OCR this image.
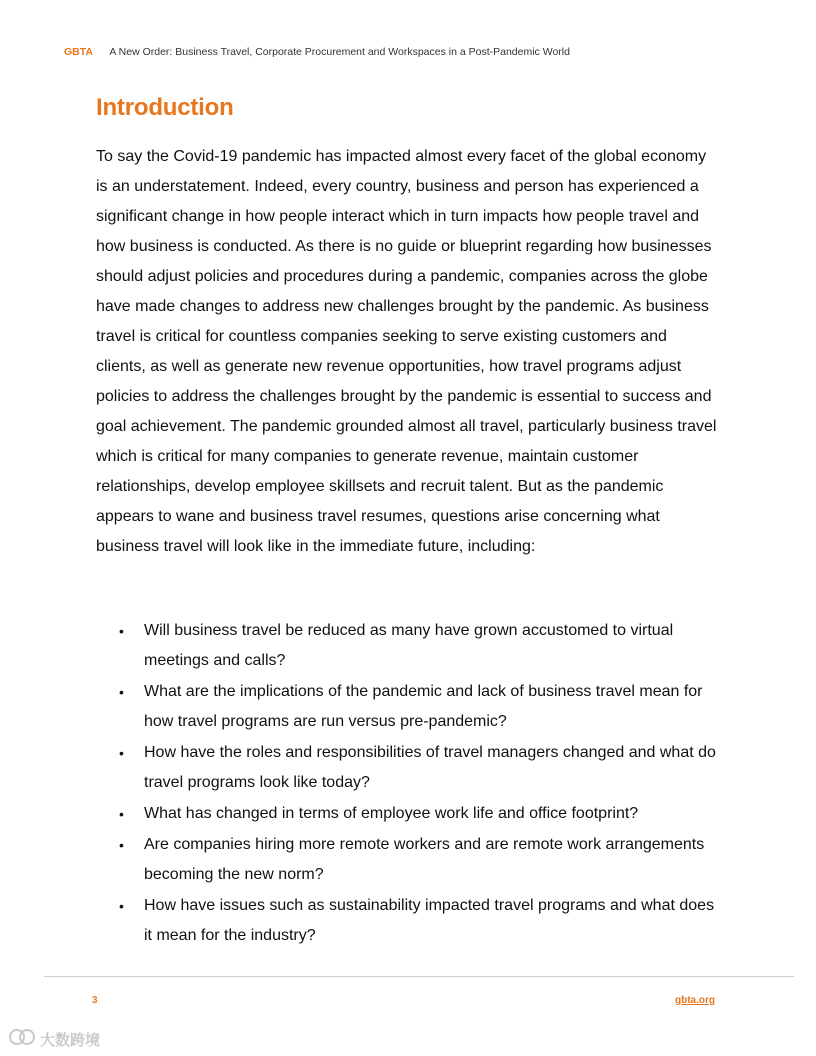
GBTA A New Order: Business Travel, Corporate Procurement and Workspaces in a Post-Pandemic World
Introduction

To say the Covid-19 pandemic has impacted almost every facet of the global economy is an understatement. Indeed, every country, business and person has experienced a significant change in how people interact which in turn impacts how people travel and how business is conducted. As there is no guide or blueprint regarding how businesses should adjust policies and procedures during a pandemic, companies across the globe have made changes to address new challenges brought by the pandemic. As business travel is critical for countless companies seeking to serve existing customers and clients, as well as generate new revenue opportunities, how travel programs adjust policies to address the challenges brought by the pandemic is essential to success and goal achievement. The pandemic grounded almost all travel, particularly business travel which is critical for many companies to generate revenue, maintain customer relationships, develop employee skillsets and recruit talent. But as the pandemic appears to wane and business travel resumes, questions arise concerning what business travel will look like in the immediate future, including:

• Will business travel be reduced as many have grown accustomed to virtual meetings and calls?
• What are the implications of the pandemic and lack of business travel mean for how travel programs are run versus pre-pandemic?
• How have the roles and responsibilities of travel managers changed and what do travel programs look like today?
• What has changed in terms of employee work life and office footprint?
• Are companies hiring more remote workers and are remote work arrangements becoming the new norm?
• How have issues such as sustainability impacted travel programs and what does it mean for the industry?
3	gbta.org
大数跨境
